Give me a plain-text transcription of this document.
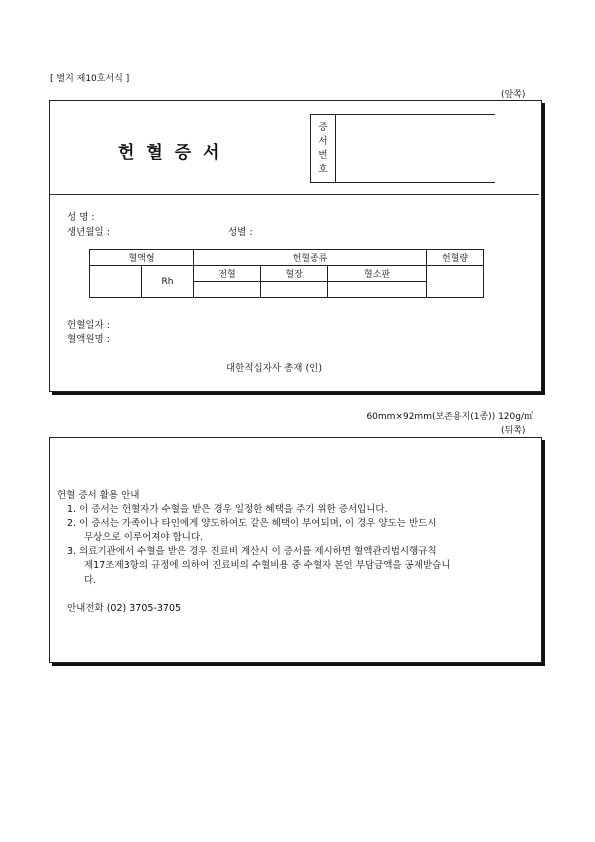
[ 별지 제10호서식 ]
(앞쪽)
헌 혈 증 서
증서번호
성 명 :
생년월일 :	성별 :
혈액형		헌혈종류			헌혈량
	Rh	전혈	혈장	혈소판	

헌혈일자 :
혈액원명 :
대한적십자사 총재 (인)
60mm×92mm(보존용지(1종)) 120g/㎡
(뒤쪽)
헌혈 증서 활용 안내
1. 이 증서는 헌혈자가 수혈을 받은 경우 일정한 혜택을 주기 위한 증서입니다.
2. 이 증서는 가족이나 타인에게 양도하여도 같은 혜택이 부여되며, 이 경우 양도는 반드시
무상으로 이루어져야 합니다.
3. 의료기관에서 수혈을 받은 경우 진료비 계산시 이 증서를 제시하면 혈액관리법시행규칙
제17조제3항의 규정에 의하여 진료비의 수혈비용 중 수혈자 본인 부담금액을 공제받습니
다.
안내전화 (02) 3705-3705
